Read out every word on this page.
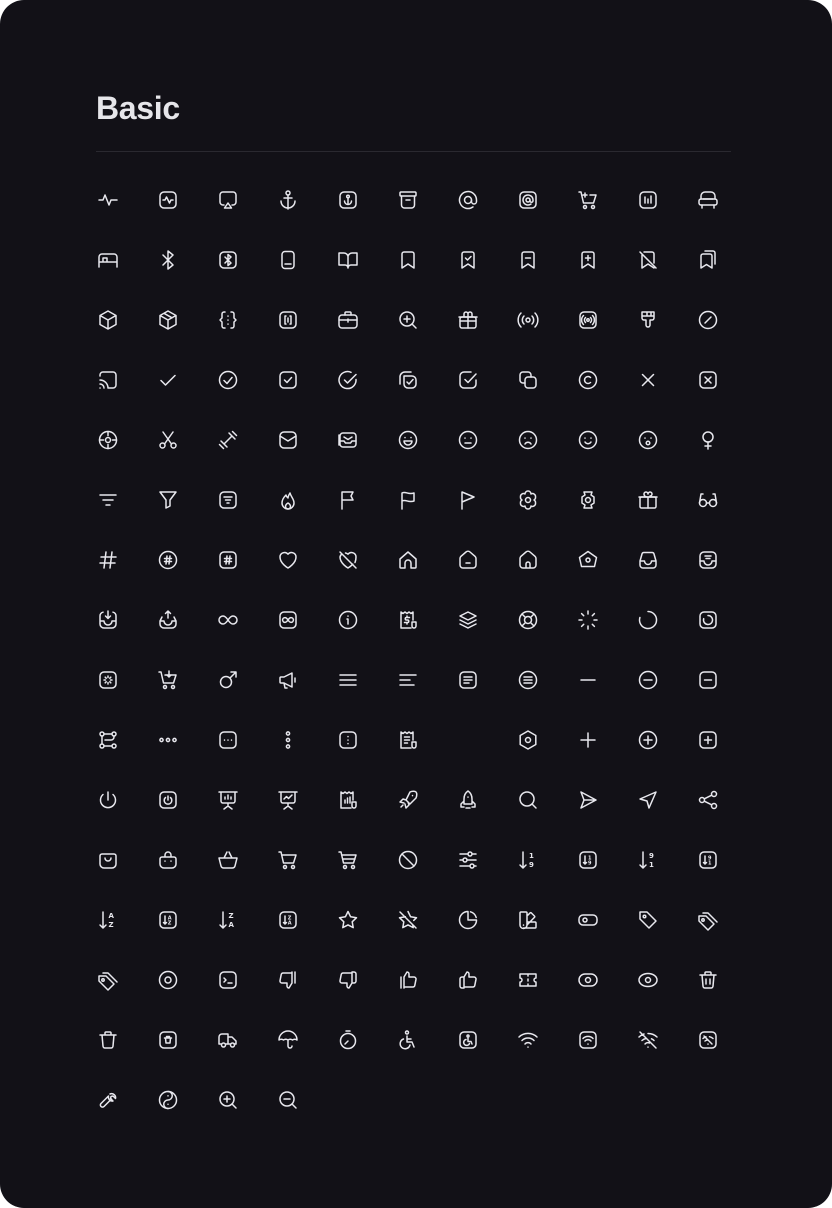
Basic
1
9
1
9
9
1
9
1
A
Z
A
Z
Z
A
Z
A
